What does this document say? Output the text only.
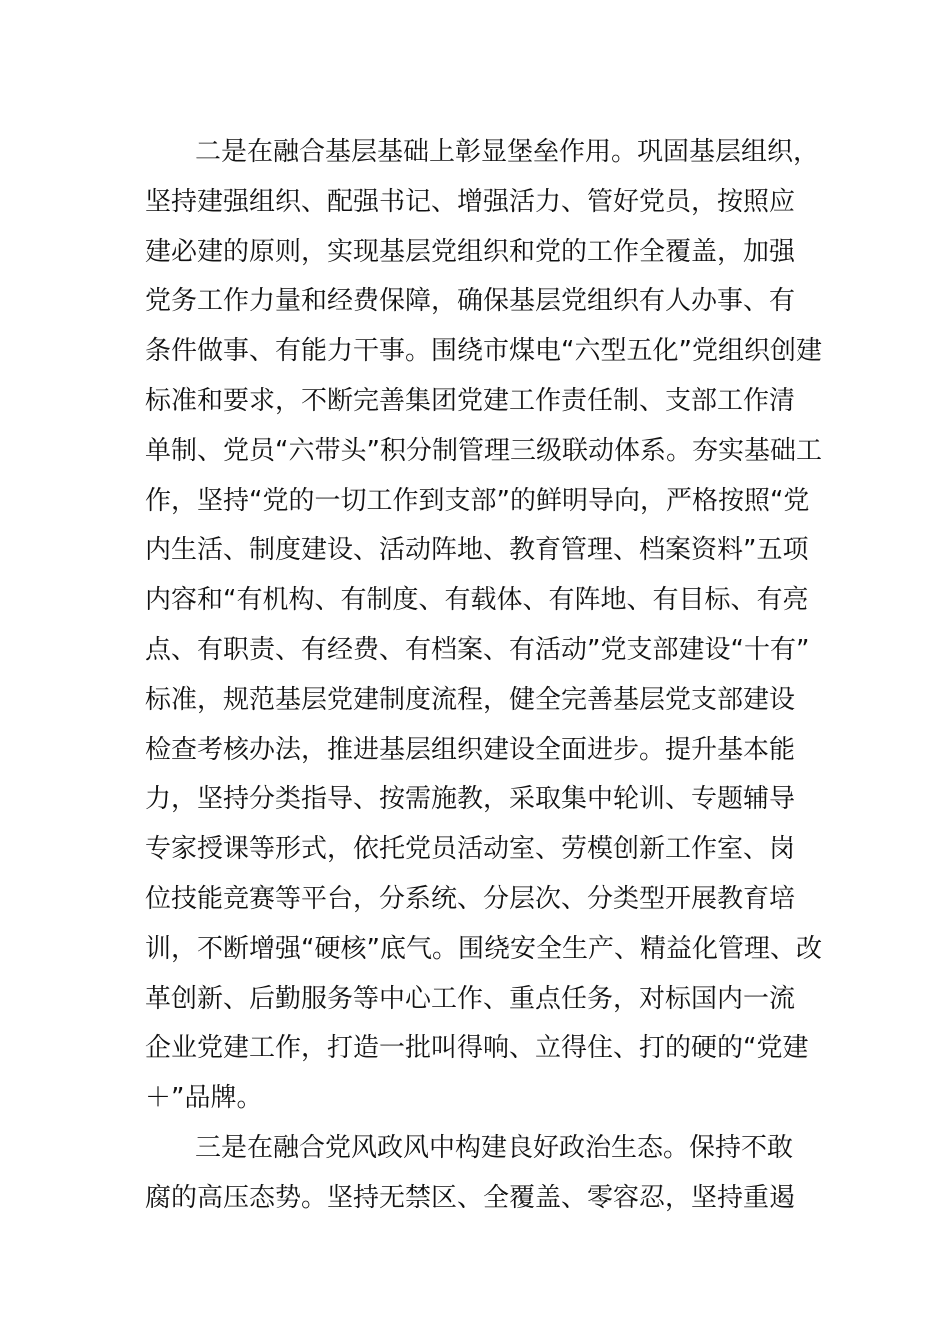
二是在融合基层基础上彰显堡垒作用。巩固基层组织，
坚持建强组织、配强书记、增强活力、管好党员，按照应
建必建的原则，实现基层党组织和党的工作全覆盖，加强
党务工作力量和经费保障，确保基层党组织有人办事、有
条件做事、有能力干事。围绕市煤电“六型五化”党组织创建
标准和要求，不断完善集团党建工作责任制、支部工作清
单制、党员“六带头”积分制管理三级联动体系。夯实基础工
作，坚持“党的一切工作到支部”的鲜明导向，严格按照“党
内生活、制度建设、活动阵地、教育管理、档案资料”五项
内容和“有机构、有制度、有载体、有阵地、有目标、有亮
点、有职责、有经费、有档案、有活动”党支部建设“十有”
标准，规范基层党建制度流程，健全完善基层党支部建设
检查考核办法，推进基层组织建设全面进步。提升基本能
力，坚持分类指导、按需施教，采取集中轮训、专题辅导
专家授课等形式，依托党员活动室、劳模创新工作室、岗
位技能竞赛等平台，分系统、分层次、分类型开展教育培
训，不断增强“硬核”底气。围绕安全生产、精益化管理、改
革创新、后勤服务等中心工作、重点任务，对标国内一流
企业党建工作，打造一批叫得响、立得住、打的硬的“党建
＋”品牌。
三是在融合党风政风中构建良好政治生态。保持不敢
腐的高压态势。坚持无禁区、全覆盖、零容忍，坚持重遏
